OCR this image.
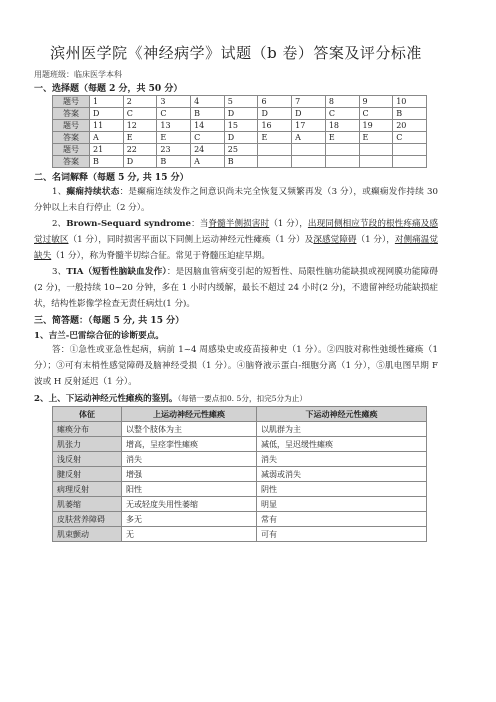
滨州医学院《神经病学》试题（b 卷）答案及评分标准
用题班级：临床医学本科
一、选择题（每题 2 分，共 50 分）
题号	1	2	3	4	5	6	7	8	9	10
答案	D	C	C	B	D	D	D	C	C	B
题号	11	12	13	14	15	16	17	18	19	20
答案	A	E	E	C	D	E	A	E	E	C
题号	21	22	23	24	25					
答案	B	D	B	A	B					
二、名词解释（每题 5 分, 共 15 分）

1、癫痫持续状态：是癫痫连续发作之间意识尚未完全恢复又频繁再发（3 分），或癫痫发作持续 30 分钟以上未自行停止（2 分）。

2、Brown-Sequard syndrome：当脊髓半侧损害时（1 分），出现同侧相应节段的根性疼痛及感觉过敏区（1 分），同时损害平面以下同侧上运动神经元性瘫痪（1 分）及深感觉障碍（1 分），对侧痛温觉缺失（1 分），称为脊髓半切综合征。常见于脊髓压迫症早期。

3、TIA（短暂性脑缺血发作）：是因脑血管病变引起的短暂性、局限性脑功能缺损或视网膜功能障碍(2 分)，一般持续 10~20 分钟，多在 1 小时内缓解，最长不超过 24 小时(2 分)，不遗留神经功能缺损症状，结构性影像学检查无责任病灶(1 分)。

三、简答题：（每题 5 分, 共 15 分）
1、吉兰-巴雷综合征的诊断要点。

答：①急性或亚急性起病，病前 1~4 周感染史或疫苗接种史（1 分）。②四肢对称性弛缓性瘫痪（1 分）；③可有末梢性感觉障碍及脑神经受损（1 分）。④脑脊液示蛋白-细胞分离（1 分），⑤肌电图早期 F 波或 H 反射延迟（1 分）。

2、上、下运动神经元性瘫痪的鉴别。（每错一要点扣0. 5分，扣完5分为止）
体征	上运动神经元性瘫痪	下运动神经元性瘫痪
瘫痪分布	以整个肢体为主	以肌群为主
肌张力	增高，呈痉挛性瘫痪	减低，呈迟缓性瘫痪
浅反射	消失	消失
腱反射	增强	减弱或消失
病理反射	阳性	阴性
肌萎缩	无或轻度失用性萎缩	明显
皮肤营养障碍	多无	常有
肌束颤动	无	可有
